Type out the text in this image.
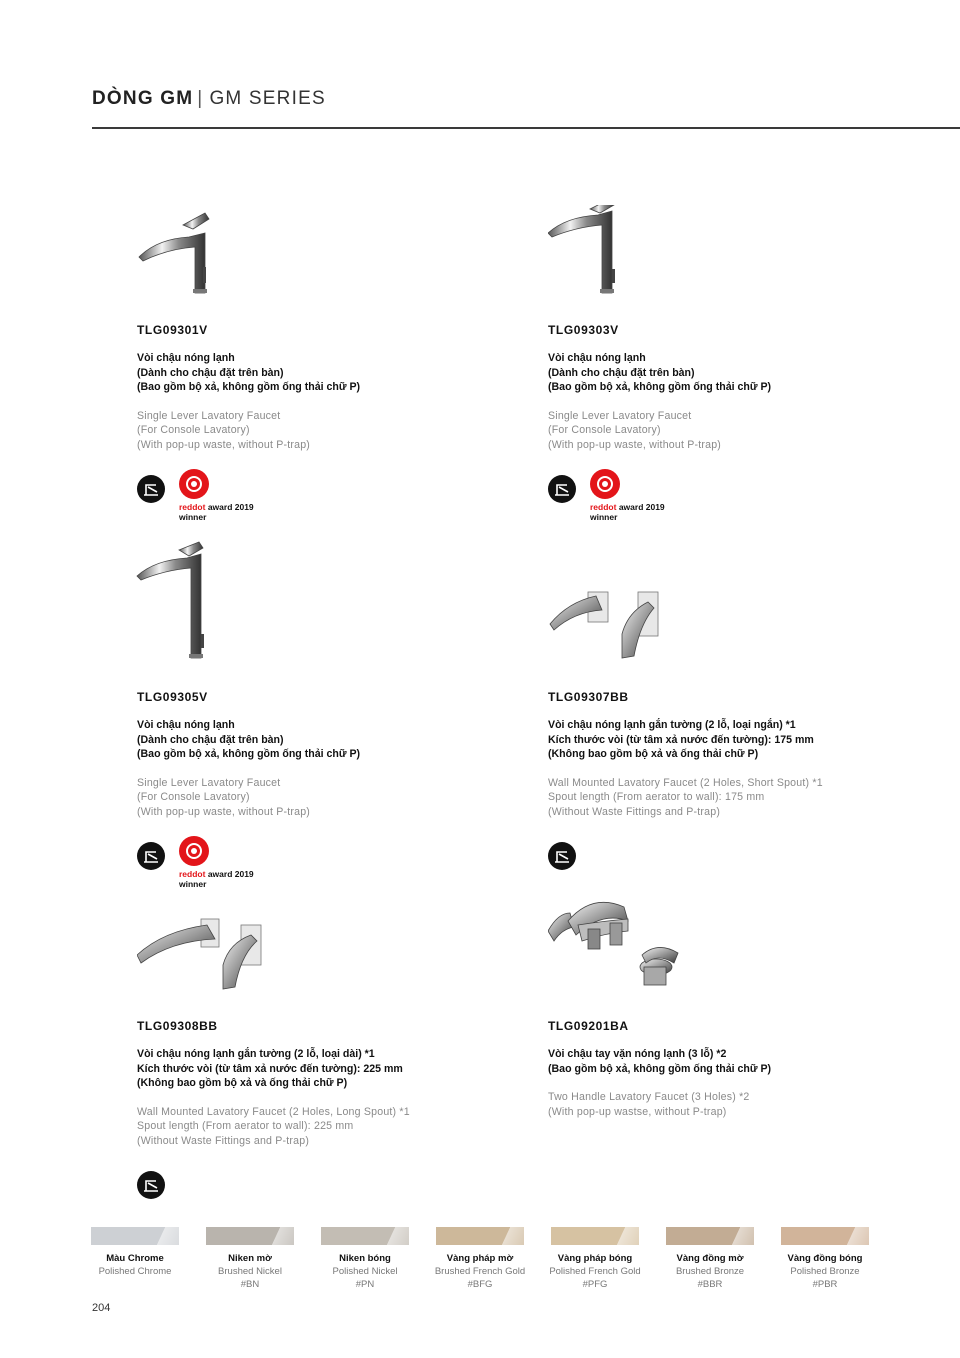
DÒNG GM | GM SERIES
TLG09301V
Vòi chậu nóng lạnh
(Dành cho chậu đặt trên bàn)
(Bao gồm bộ xả, không gồm ống thải chữ P)
Single Lever Lavatory Faucet
(For Console Lavatory)
(With pop-up waste, without P-trap)
reddot award 2019
winner
TLG09303V
Vòi chậu nóng lạnh
(Dành cho chậu đặt trên bàn)
(Bao gồm bộ xả, không gồm ống thải chữ P)
Single Lever Lavatory Faucet
(For Console Lavatory)
(With pop-up waste, without P-trap)
reddot award 2019
winner
TLG09305V
Vòi chậu nóng lạnh
(Dành cho chậu đặt trên bàn)
(Bao gồm bộ xả, không gồm ống thải chữ P)
Single Lever Lavatory Faucet
(For Console Lavatory)
(With pop-up waste, without P-trap)
reddot award 2019
winner
TLG09307BB
Vòi chậu nóng lạnh gắn tường (2 lỗ, loại ngắn) *1
Kích thước vòi (từ tâm xả nước đến tường): 175 mm
(Không bao gồm bộ xả và ống thải chữ P)
Wall Mounted Lavatory Faucet (2 Holes, Short Spout) *1
Spout length (From aerator to wall): 175 mm
(Without Waste Fittings and P-trap)
TLG09308BB
Vòi chậu nóng lạnh gắn tường (2 lỗ, loại dài) *1
Kích thước vòi (từ tâm xả nước đến tường): 225 mm
(Không bao gồm bộ xả và ống thải chữ P)
Wall Mounted Lavatory Faucet (2 Holes, Long Spout) *1
Spout length (From aerator to wall): 225 mm
(Without Waste Fittings and P-trap)
TLG09201BA
Vòi chậu tay vặn nóng lạnh (3 lỗ) *2
(Bao gồm bộ xả, không gồm ống thải chữ P)
Two Handle Lavatory Faucet (3 Holes) *2
(With pop-up wastse, without P-trap)
Màu Chrome
Polished Chrome
Niken mờ
Brushed Nickel
#BN
Niken bóng
Polished Nickel
#PN
Vàng pháp mờ
Brushed French Gold
#BFG
Vàng pháp bóng
Polished French Gold
#PFG
Vàng đồng mờ
Brushed Bronze
#BBR
Vàng đồng bóng
Polished Bronze
#PBR
204
